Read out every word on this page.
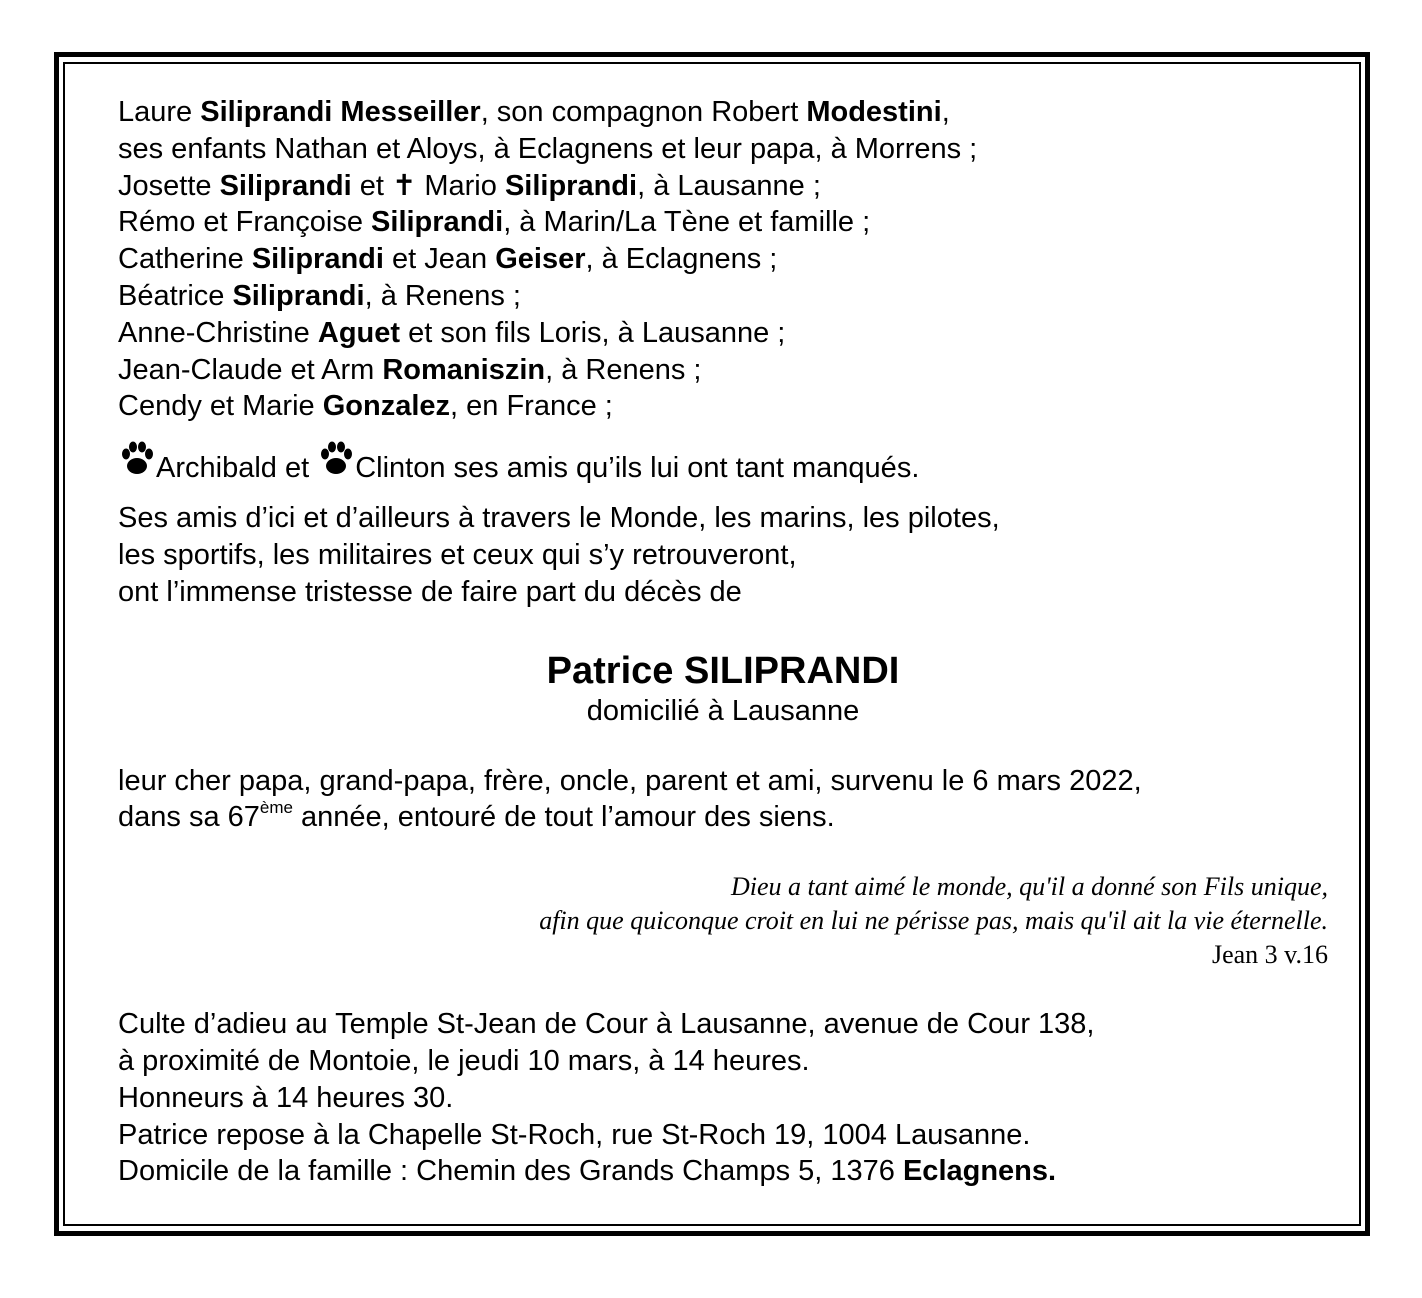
Laure Siliprandi Messeiller, son compagnon Robert Modestini,
ses enfants Nathan et Aloys, à Eclagnens et leur papa, à Morrens ;
Josette Siliprandi et ✝ Mario Siliprandi, à Lausanne ;
Rémo et Françoise Siliprandi, à Marin/La Tène et famille ;
Catherine Siliprandi et Jean Geiser, à Eclagnens ;
Béatrice Siliprandi, à Renens ;
Anne-Christine Aguet et son fils Loris, à Lausanne ;
Jean-Claude et Arm Romaniszin, à Renens ;
Cendy et Marie Gonzalez, en France ;
Archibald et Clinton ses amis qu’ils lui ont tant manqués.
Ses amis d’ici et d’ailleurs à travers le Monde, les marins, les pilotes,
les sportifs, les militaires et ceux qui s’y retrouveront,
ont l’immense tristesse de faire part du décès de
Patrice SILIPRANDI
domicilié à Lausanne
leur cher papa, grand-papa, frère, oncle, parent et ami, survenu le 6 mars 2022,
dans sa 67ème année, entouré de tout l’amour des siens.
Dieu a tant aimé le monde, qu'il a donné son Fils unique,
afin que quiconque croit en lui ne périsse pas, mais qu'il ait la vie éternelle.
Jean 3 v.16
Culte d’adieu au Temple St-Jean de Cour à Lausanne, avenue de Cour 138,
à proximité de Montoie, le jeudi 10 mars, à 14 heures.
Honneurs à 14 heures 30.
Patrice repose à la Chapelle St-Roch, rue St-Roch 19, 1004 Lausanne.
Domicile de la famille : Chemin des Grands Champs 5, 1376 Eclagnens.
